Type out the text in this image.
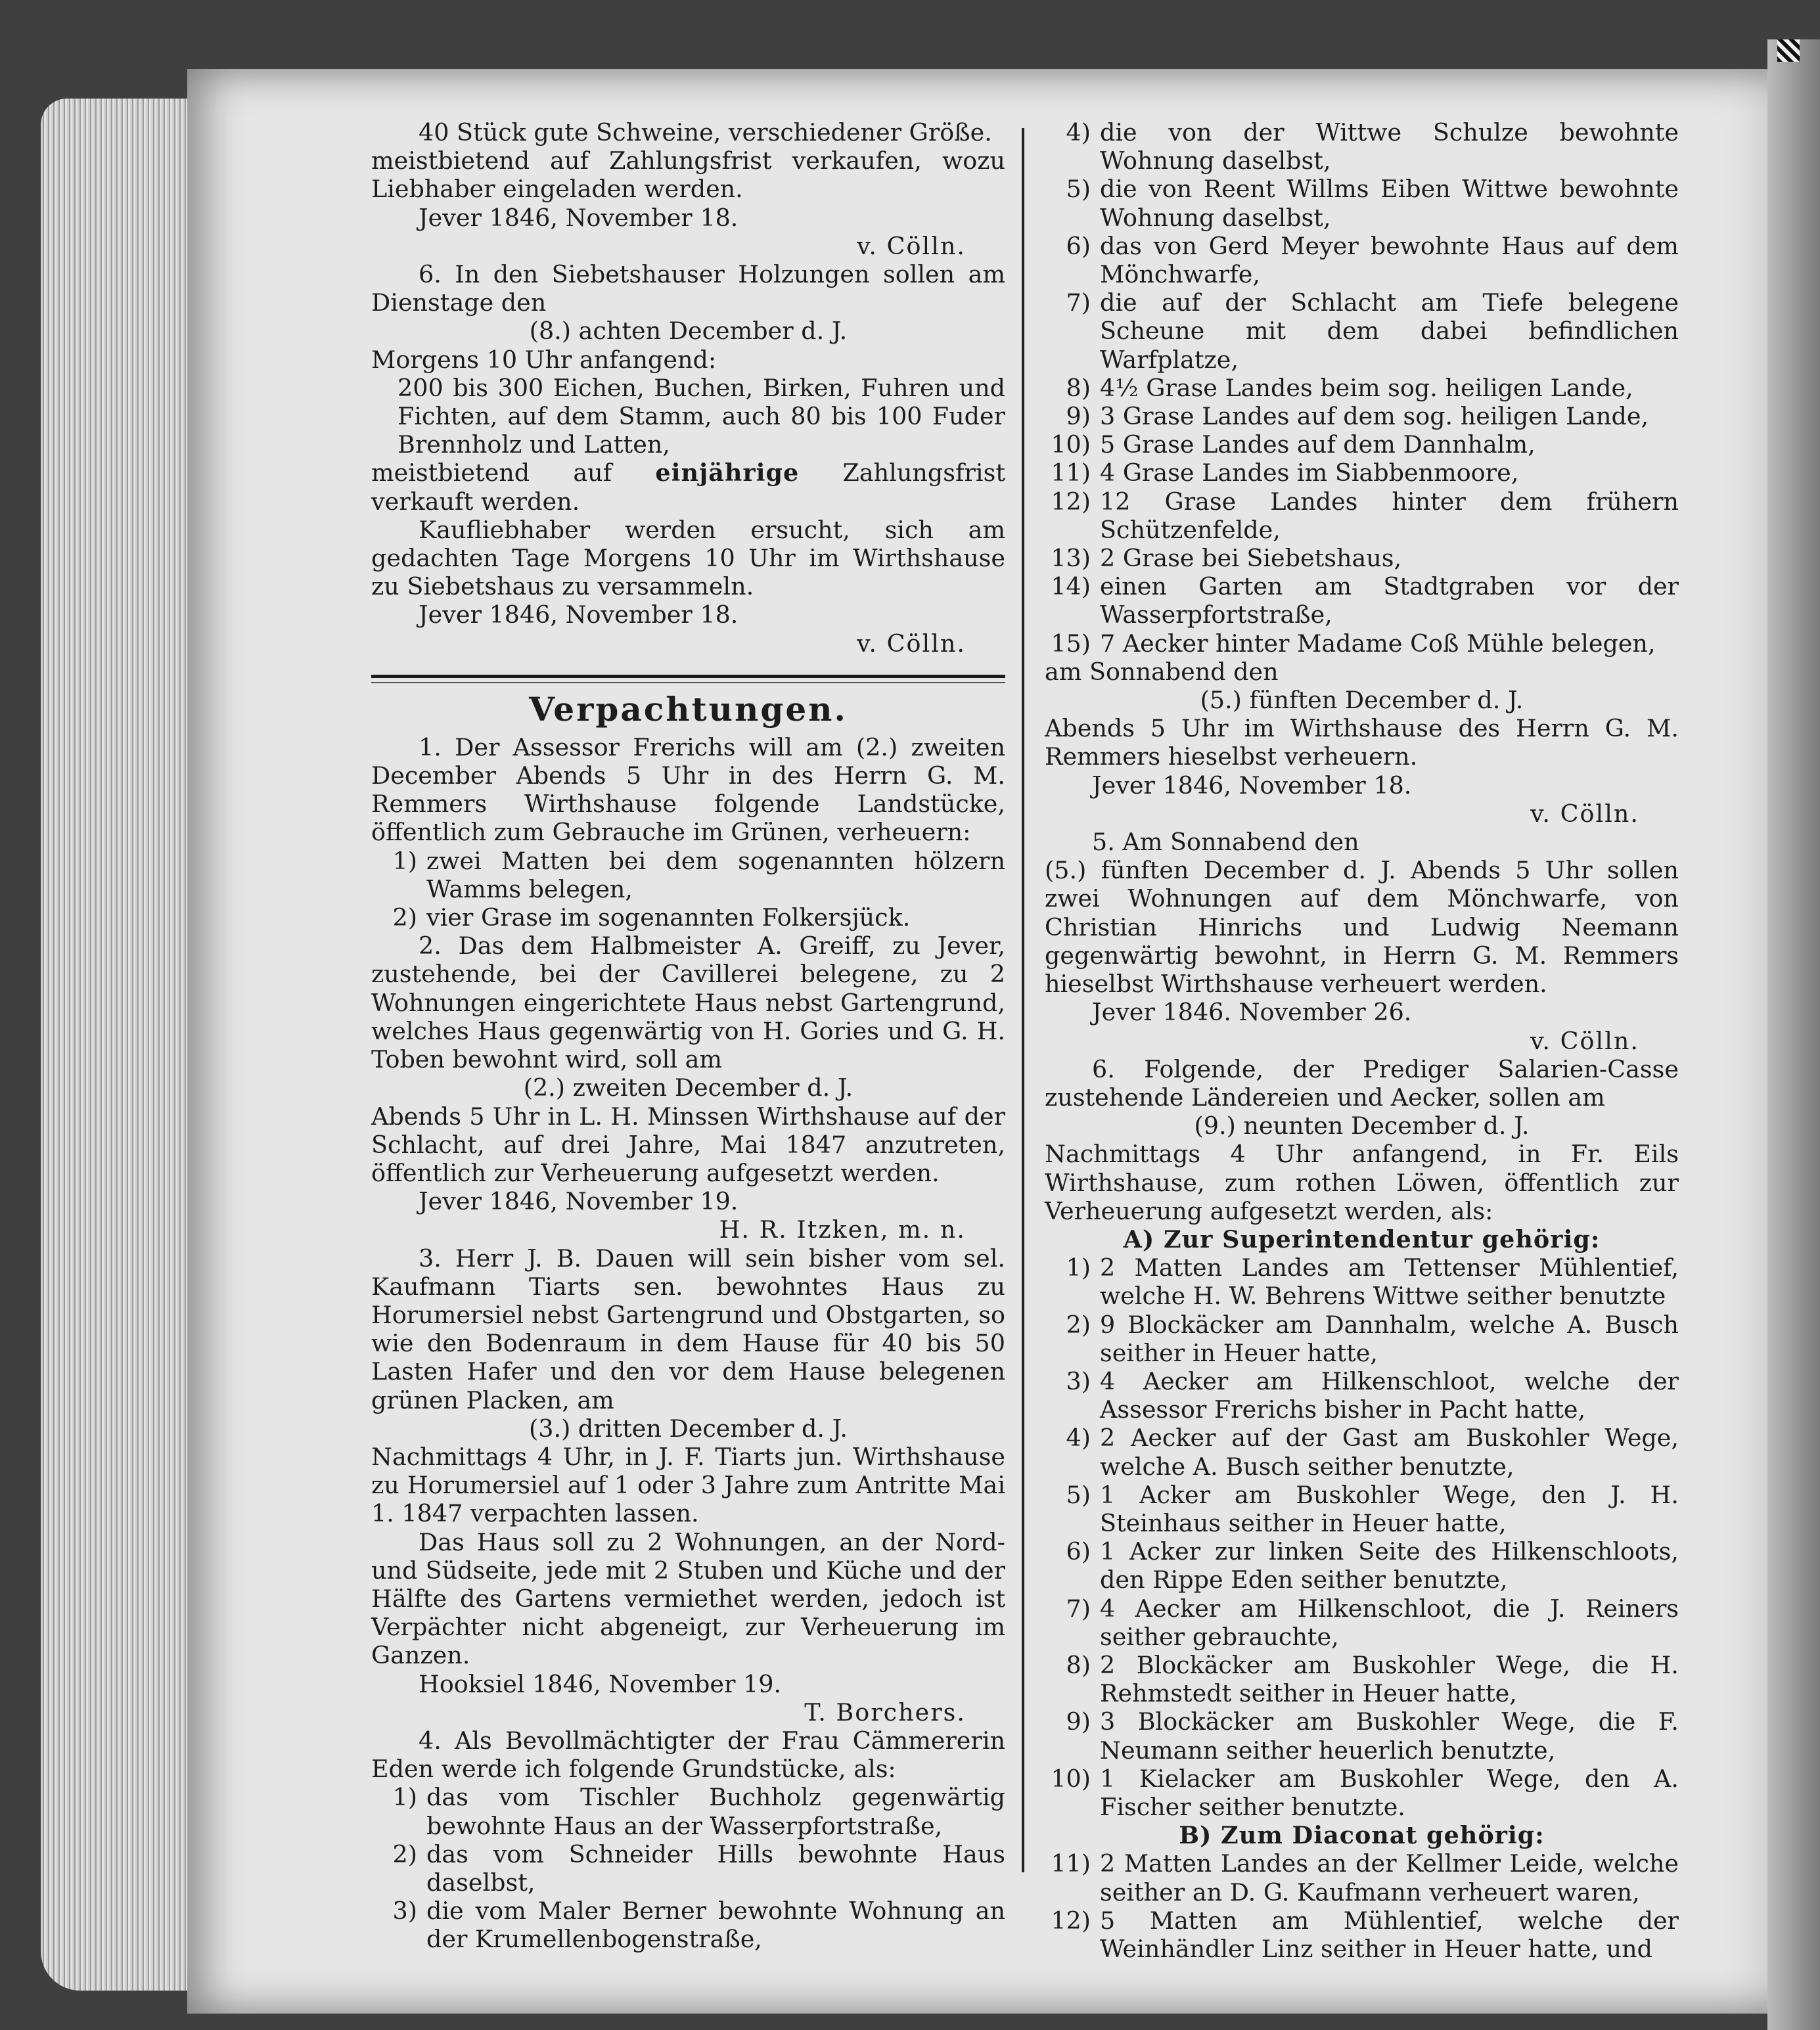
40 Stück gute Schweine, verschiedener Größe.

meistbietend auf Zahlungsfrist verkaufen, wozu Liebhaber eingeladen werden.

Jever 1846, November 18.

v. Cölln.

6. In den Siebetshauser Holzungen sollen am Dienstage den

(8.) achten December d. J.

Morgens 10 Uhr anfangend:

200 bis 300 Eichen, Buchen, Birken, Fuhren und Fichten, auf dem Stamm, auch 80 bis 100 Fuder Brennholz und Latten,

meistbietend auf einjährige Zahlungsfrist verkauft werden.

Kaufliebhaber werden ersucht, sich am gedachten Tage Morgens 10 Uhr im Wirthshause zu Siebetshaus zu versammeln.

Jever 1846, November 18.

v. Cölln.

Verpachtungen.

1. Der Assessor Frerichs will am (2.) zweiten December Abends 5 Uhr in des Herrn G. M. Remmers Wirthshause folgende Landstücke, öffentlich zum Gebrauche im Grünen, verheuern:

1) zwei Matten bei dem sogenannten hölzern Wamms belegen,
2) vier Grase im sogenannten Folkersjück.

2. Das dem Halbmeister A. Greiff, zu Jever, zustehende, bei der Cavillerei belegene, zu 2 Wohnungen eingerichtete Haus nebst Gartengrund, welches Haus gegenwärtig von H. Gories und G. H. Toben bewohnt wird, soll am

(2.) zweiten December d. J.

Abends 5 Uhr in L. H. Minssen Wirthshause auf der Schlacht, auf drei Jahre, Mai 1847 anzutreten, öffentlich zur Verheuerung aufgesetzt werden.

Jever 1846, November 19.

H. R. Itzken, m. n.

3. Herr J. B. Dauen will sein bisher vom sel. Kaufmann Tiarts sen. bewohntes Haus zu Horumersiel nebst Gartengrund und Obstgarten, so wie den Bodenraum in dem Hause für 40 bis 50 Lasten Hafer und den vor dem Hause belegenen grünen Placken, am

(3.) dritten December d. J.

Nachmittags 4 Uhr, in J. F. Tiarts jun. Wirthshause zu Horumersiel auf 1 oder 3 Jahre zum Antritte Mai 1. 1847 verpachten lassen.

Das Haus soll zu 2 Wohnungen, an der Nord- und Südseite, jede mit 2 Stuben und Küche und der Hälfte des Gartens vermiethet werden, jedoch ist Verpächter nicht abgeneigt, zur Verheuerung im Ganzen.

Hooksiel 1846, November 19.

T. Borchers.

4. Als Bevollmächtigter der Frau Cämmererin Eden werde ich folgende Grundstücke, als:

1) das vom Tischler Buchholz gegenwärtig bewohnte Haus an der Wasserpfortstraße,
2) das vom Schneider Hills bewohnte Haus daselbst,
3) die vom Maler Berner bewohnte Wohnung an der Krumellenbogenstraße,
4) die von der Wittwe Schulze bewohnte Wohnung daselbst,
5) die von Reent Willms Eiben Wittwe bewohnte Wohnung daselbst,
6) das von Gerd Meyer bewohnte Haus auf dem Mönchwarfe,
7) die auf der Schlacht am Tiefe belegene Scheune mit dem dabei befindlichen Warfplatze,
8) 4½ Grase Landes beim sog. heiligen Lande,
9) 3 Grase Landes auf dem sog. heiligen Lande,
10) 5 Grase Landes auf dem Dannhalm,
11) 4 Grase Landes im Siabbenmoore,
12) 12 Grase Landes hinter dem frühern Schützenfelde,
13) 2 Grase bei Siebetshaus,
14) einen Garten am Stadtgraben vor der Wasserpfortstraße,
15) 7 Aecker hinter Madame Coß Mühle belegen,

am Sonnabend den

(5.) fünften December d. J.

Abends 5 Uhr im Wirthshause des Herrn G. M. Remmers hieselbst verheuern.

Jever 1846, November 18.

v. Cölln.

5. Am Sonnabend den

(5.) fünften December d. J. Abends 5 Uhr sollen zwei Wohnungen auf dem Mönchwarfe, von Christian Hinrichs und Ludwig Neemann gegenwärtig bewohnt, in Herrn G. M. Remmers hieselbst Wirthshause verheuert werden.

Jever 1846. November 26.

v. Cölln.

6. Folgende, der Prediger Salarien-Casse zustehende Ländereien und Aecker, sollen am

(9.) neunten December d. J.

Nachmittags 4 Uhr anfangend, in Fr. Eils Wirthshause, zum rothen Löwen, öffentlich zur Verheuerung aufgesetzt werden, als:

A) Zur Superintendentur gehörig:

1) 2 Matten Landes am Tettenser Mühlentief, welche H. W. Behrens Wittwe seither benutzte
2) 9 Blockäcker am Dannhalm, welche A. Busch seither in Heuer hatte,
3) 4 Aecker am Hilkenschloot, welche der Assessor Frerichs bisher in Pacht hatte,
4) 2 Aecker auf der Gast am Buskohler Wege, welche A. Busch seither benutzte,
5) 1 Acker am Buskohler Wege, den J. H. Steinhaus seither in Heuer hatte,
6) 1 Acker zur linken Seite des Hilkenschloots, den Rippe Eden seither benutzte,
7) 4 Aecker am Hilkenschloot, die J. Reiners seither gebrauchte,
8) 2 Blockäcker am Buskohler Wege, die H. Rehmstedt seither in Heuer hatte,
9) 3 Blockäcker am Buskohler Wege, die F. Neumann seither heuerlich benutzte,
10) 1 Kielacker am Buskohler Wege, den A. Fischer seither benutzte.

B) Zum Diaconat gehörig:

11) 2 Matten Landes an der Kellmer Leide, welche seither an D. G. Kaufmann verheuert waren,
12) 5 Matten am Mühlentief, welche der Weinhändler Linz seither in Heuer hatte, und
